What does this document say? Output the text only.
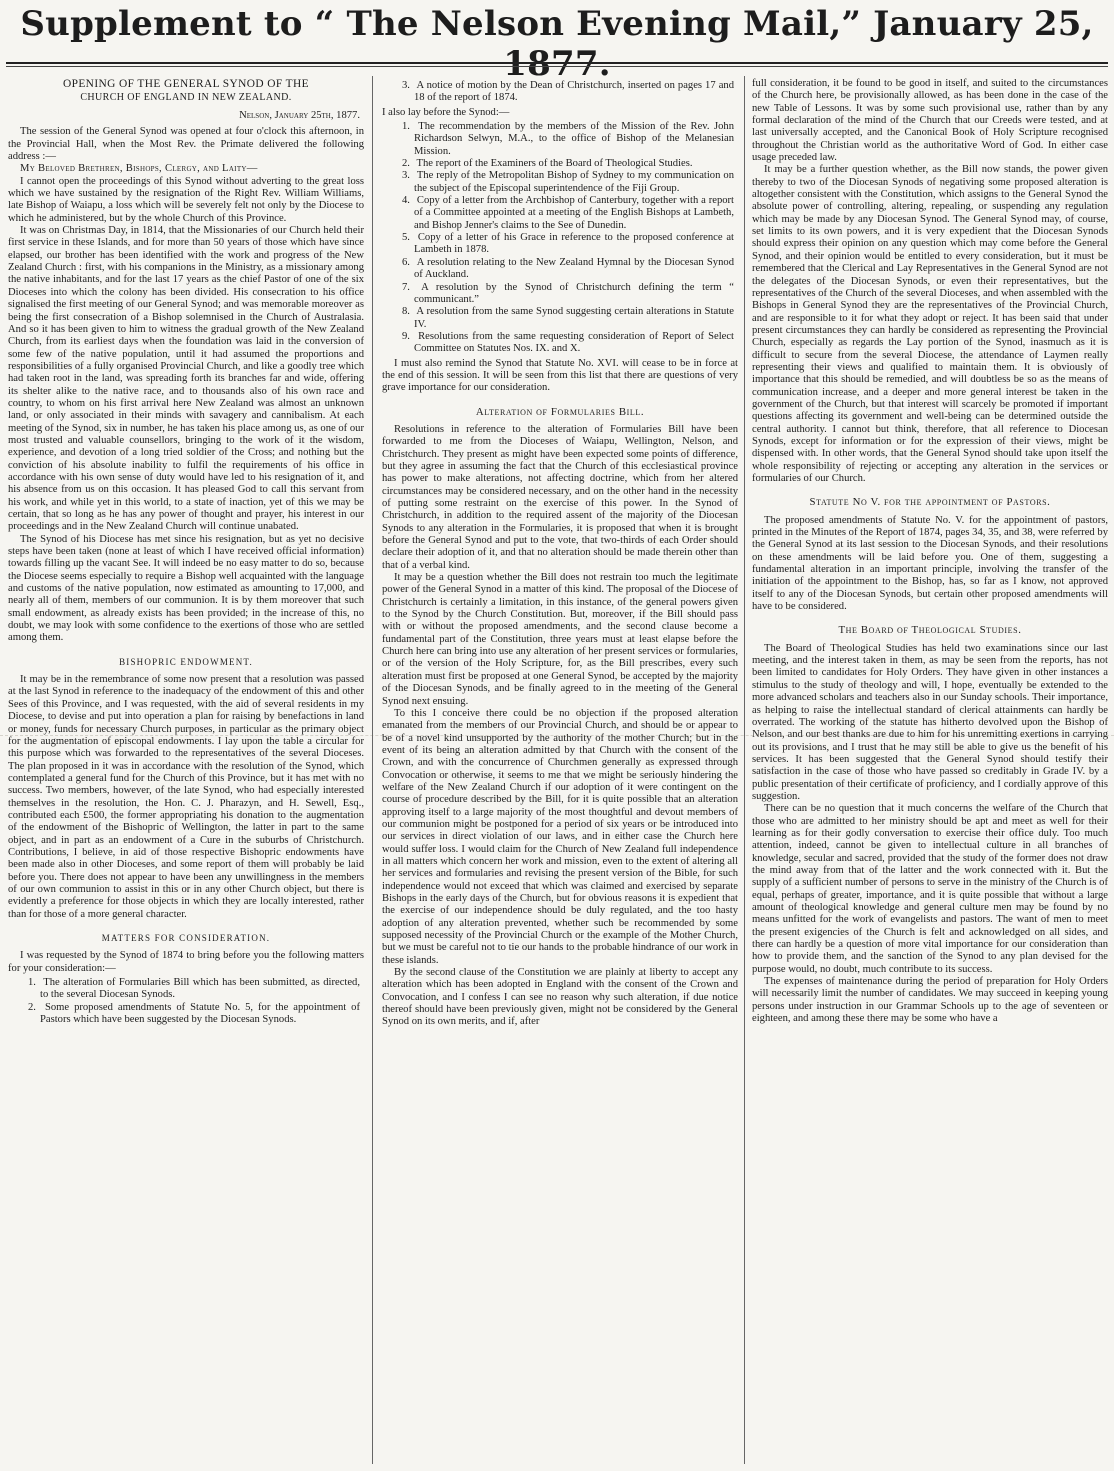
Supplement to “ The Nelson Evening Mail,” January 25, 1877.
OPENING OF THE GENERAL SYNOD OF THE
CHURCH OF ENGLAND IN NEW ZEALAND.
Nelson, January 25th, 1877.

The session of the General Synod was opened at four o'clock this afternoon, in the Provincial Hall, when the Most Rev. the Primate delivered the following address :—

My Beloved Brethren, Bishops, Clergy, and Laity—

I cannot open the proceedings of this Synod without adverting to the great loss which we have sustained by the resignation of the Right Rev. William Williams, late Bishop of Waiapu, a loss which will be severely felt not only by the Diocese to which he administered, but by the whole Church of this Province.

It was on Christmas Day, in 1814, that the Missionaries of our Church held their first service in these Islands, and for more than 50 years of those which have since elapsed, our brother has been identified with the work and progress of the New Zealand Church : first, with his companions in the Ministry, as a missionary among the native inhabitants, and for the last 17 years as the chief Pastor of one of the six Dioceses into which the colony has been divided. His consecration to his office signalised the first meeting of our General Synod; and was memorable moreover as being the first consecration of a Bishop solemnised in the Church of Australasia. And so it has been given to him to witness the gradual growth of the New Zealand Church, from its earliest days when the foundation was laid in the conversion of some few of the native population, until it had assumed the proportions and responsibilities of a fully organised Provincial Church, and like a goodly tree which had taken root in the land, was spreading forth its branches far and wide, offering its shelter alike to the native race, and to thousands also of his own race and country, to whom on his first arrival here New Zealand was almost an unknown land, or only associated in their minds with savagery and cannibalism. At each meeting of the Synod, six in number, he has taken his place among us, as one of our most trusted and valuable counsellors, bringing to the work of it the wisdom, experience, and devotion of a long tried soldier of the Cross; and nothing but the conviction of his absolute inability to fulfil the requirements of his office in accordance with his own sense of duty would have led to his resignation of it, and his absence from us on this occasion. It has pleased God to call this servant from his work, and while yet in this world, to a state of inaction, yet of this we may be certain, that so long as he has any power of thought and prayer, his interest in our proceedings and in the New Zealand Church will continue unabated.

The Synod of his Diocese has met since his resignation, but as yet no decisive steps have been taken (none at least of which I have received official information) towards filling up the vacant See. It will indeed be no easy matter to do so, because the Diocese seems especially to require a Bishop well acquainted with the language and customs of the native population, now estimated as amounting to 17,000, and nearly all of them, members of our communion. It is by them moreover that such small endowment, as already exists has been provided; in the increase of this, no doubt, we may look with some confidence to the exertions of those who are settled among them.

BISHOPRIC ENDOWMENT.

It may be in the remembrance of some now present that a resolution was passed at the last Synod in reference to the inadequacy of the endowment of this and other Sees of this Province, and I was requested, with the aid of several residents in my Diocese, to devise and put into operation a plan for raising by benefactions in land or money, funds for necessary Church purposes, in particular as the primary object for the augmentation of episcopal endowments. I lay upon the table a circular for this purpose which was forwarded to the representatives of the several Dioceses. The plan proposed in it was in accordance with the resolution of the Synod, which contemplated a general fund for the Church of this Province, but it has met with no success. Two members, however, of the late Synod, who had especially interested themselves in the resolution, the Hon. C. J. Pharazyn, and H. Sewell, Esq., contributed each £500, the former appropriating his donation to the augmentation of the endowment of the Bishopric of Wellington, the latter in part to the same object, and in part as an endowment of a Cure in the suburbs of Christchurch. Contributions, I believe, in aid of those respective Bishopric endowments have been made also in other Dioceses, and some report of them will probably be laid before you. There does not appear to have been any unwillingness in the members of our own communion to assist in this or in any other Church object, but there is evidently a preference for those objects in which they are locally interested, rather than for those of a more general character.

MATTERS FOR CONSIDERATION.

I was requested by the Synod of 1874 to bring before you the following matters for your consideration:—

1. The alteration of Formularies Bill which has been submitted, as directed, to the several Diocesan Synods.
2. Some proposed amendments of Statute No. 5, for the appointment of Pastors which have been suggested by the Diocesan Synods.
3. A notice of motion by the Dean of Christchurch, inserted on pages 17 and 18 of the report of 1874.

I also lay before the Synod:—

1. The recommendation by the members of the Mission of the Rev. John Richardson Selwyn, M.A., to the office of Bishop of the Melanesian Mission.
2. The report of the Examiners of the Board of Theological Studies.
3. The reply of the Metropolitan Bishop of Sydney to my communication on the subject of the Episcopal superintendence of the Fiji Group.
4. Copy of a letter from the Archbishop of Canterbury, together with a report of a Committee appointed at a meeting of the English Bishops at Lambeth, and Bishop Jenner's claims to the See of Dunedin.
5. Copy of a letter of his Grace in reference to the proposed conference at Lambeth in 1878.
6. A resolution relating to the New Zealand Hymnal by the Diocesan Synod of Auckland.
7. A resolution by the Synod of Christchurch defining the term “ communicant.”
8. A resolution from the same Synod suggesting certain alterations in Statute IV.
9. Resolutions from the same requesting consideration of Report of Select Committee on Statutes Nos. IX. and X.

I must also remind the Synod that Statute No. XVI. will cease to be in force at the end of this session. It will be seen from this list that there are questions of very grave importance for our consideration.

Alteration of Formularies Bill.

Resolutions in reference to the alteration of Formularies Bill have been forwarded to me from the Dioceses of Waiapu, Wellington, Nelson, and Christchurch. They present as might have been expected some points of difference, but they agree in assuming the fact that the Church of this ecclesiastical province has power to make alterations, not affecting doctrine, which from her altered circumstances may be considered necessary, and on the other hand in the necessity of putting some restraint on the exercise of this power. In the Synod of Christchurch, in addition to the required assent of the majority of the Diocesan Synods to any alteration in the Formularies, it is proposed that when it is brought before the General Synod and put to the vote, that two-thirds of each Order should declare their adoption of it, and that no alteration should be made therein other than that of a verbal kind.

It may be a question whether the Bill does not restrain too much the legitimate power of the General Synod in a matter of this kind. The proposal of the Diocese of Christchurch is certainly a limitation, in this instance, of the general powers given to the Synod by the Church Constitution. But, moreover, if the Bill should pass with or without the proposed amendments, and the second clause become a fundamental part of the Constitution, three years must at least elapse before the Church here can bring into use any alteration of her present services or formularies, or of the version of the Holy Scripture, for, as the Bill prescribes, every such alteration must first be proposed at one General Synod, be accepted by the majority of the Diocesan Synods, and be finally agreed to in the meeting of the General Synod next ensuing.

To this I conceive there could be no objection if the proposed alteration emanated from the members of our Provincial Church, and should be or appear to be of a novel kind unsupported by the authority of the mother Church; but in the event of its being an alteration admitted by that Church with the consent of the Crown, and with the concurrence of Churchmen generally as expressed through Convocation or otherwise, it seems to me that we might be seriously hindering the welfare of the New Zealand Church if our adoption of it were contingent on the course of procedure described by the Bill, for it is quite possible that an alteration approving itself to a large majority of the most thoughtful and devout members of our communion might be postponed for a period of six years or be introduced into our services in direct violation of our laws, and in either case the Church here would suffer loss. I would claim for the Church of New Zealand full independence in all matters which concern her work and mission, even to the extent of altering all her services and formularies and revising the present version of the Bible, for such independence would not exceed that which was claimed and exercised by separate Bishops in the early days of the Church, but for obvious reasons it is expedient that the exercise of our independence should be duly regulated, and the too hasty adoption of any alteration prevented, whether such be recommended by some supposed necessity of the Provincial Church or the example of the Mother Church, but we must be careful not to tie our hands to the probable hindrance of our work in these islands.

By the second clause of the Constitution we are plainly at liberty to accept any alteration which has been adopted in England with the consent of the Crown and Convocation, and I confess I can see no reason why such alteration, if due notice thereof should have been previously given, might not be considered by the General Synod on its own merits, and if, after

full consideration, it be found to be good in itself, and suited to the circumstances of the Church here, be provisionally allowed, as has been done in the case of the new Table of Lessons. It was by some such provisional use, rather than by any formal declaration of the mind of the Church that our Creeds were tested, and at last universally accepted, and the Canonical Book of Holy Scripture recognised throughout the Christian world as the authoritative Word of God. In either case usage preceded law.

It may be a further question whether, as the Bill now stands, the power given thereby to two of the Diocesan Synods of negativing some proposed alteration is altogether consistent with the Constitution, which assigns to the General Synod the absolute power of controlling, altering, repealing, or suspending any regulation which may be made by any Diocesan Synod. The General Synod may, of course, set limits to its own powers, and it is very expedient that the Diocesan Synods should express their opinion on any question which may come before the General Synod, and their opinion would be entitled to every consideration, but it must be remembered that the Clerical and Lay Representatives in the General Synod are not the delegates of the Diocesan Synods, or even their representatives, but the representatives of the Church of the several Dioceses, and when assembled with the Bishops in General Synod they are the representatives of the Provincial Church, and are responsible to it for what they adopt or reject. It has been said that under present circumstances they can hardly be considered as representing the Provincial Church, especially as regards the Lay portion of the Synod, inasmuch as it is difficult to secure from the several Diocese, the attendance of Laymen really representing their views and qualified to maintain them. It is obviously of importance that this should be remedied, and will doubtless be so as the means of communication increase, and a deeper and more general interest be taken in the government of the Church, but that interest will scarcely be promoted if important questions affecting its government and well-being can be determined outside the central authority. I cannot but think, therefore, that all reference to Diocesan Synods, except for information or for the expression of their views, might be dispensed with. In other words, that the General Synod should take upon itself the whole responsibility of rejecting or accepting any alteration in the services or formularies of our Church.

Statute No V. for the appointment of Pastors.

The proposed amendments of Statute No. V. for the appointment of pastors, printed in the Minutes of the Report of 1874, pages 34, 35, and 38, were referred by the General Synod at its last session to the Diocesan Synods, and their resolutions on these amendments will be laid before you. One of them, suggesting a fundamental alteration in an important principle, involving the transfer of the initiation of the appointment to the Bishop, has, so far as I know, not approved itself to any of the Diocesan Synods, but certain other proposed amendments will have to be considered.

The Board of Theological Studies.

The Board of Theological Studies has held two examinations since our last meeting, and the interest taken in them, as may be seen from the reports, has not been limited to candidates for Holy Orders. They have given in other instances a stimulus to the study of theology and will, I hope, eventually be extended to the more advanced scholars and teachers also in our Sunday schools. Their importance, as helping to raise the intellectual standard of clerical attainments can hardly be overrated. The working of the statute has hitherto devolved upon the Bishop of Nelson, and our best thanks are due to him for his unremitting exertions in carrying out its provisions, and I trust that he may still be able to give us the benefit of his services. It has been suggested that the General Synod should testify their satisfaction in the case of those who have passed so creditably in Grade IV. by a public presentation of their certificate of proficiency, and I cordially approve of this suggestion.

There can be no question that it much concerns the welfare of the Church that those who are admitted to her ministry should be apt and meet as well for their learning as for their godly conversation to exercise their office duly. Too much attention, indeed, cannot be given to intellectual culture in all branches of knowledge, secular and sacred, provided that the study of the former does not draw the mind away from that of the latter and the work connected with it. But the supply of a sufficient number of persons to serve in the ministry of the Church is of equal, perhaps of greater, importance, and it is quite possible that without a large amount of theological knowledge and general culture men may be found by no means unfitted for the work of evangelists and pastors. The want of men to meet the present exigencies of the Church is felt and acknowledged on all sides, and there can hardly be a question of more vital importance for our consideration than how to provide them, and the sanction of the Synod to any plan devised for the purpose would, no doubt, much contribute to its success.

The expenses of maintenance during the period of preparation for Holy Orders will necessarily limit the number of candidates. We may succeed in keeping young persons under instruction in our Grammar Schools up to the age of seventeen or eighteen, and among these there may be some who have a
